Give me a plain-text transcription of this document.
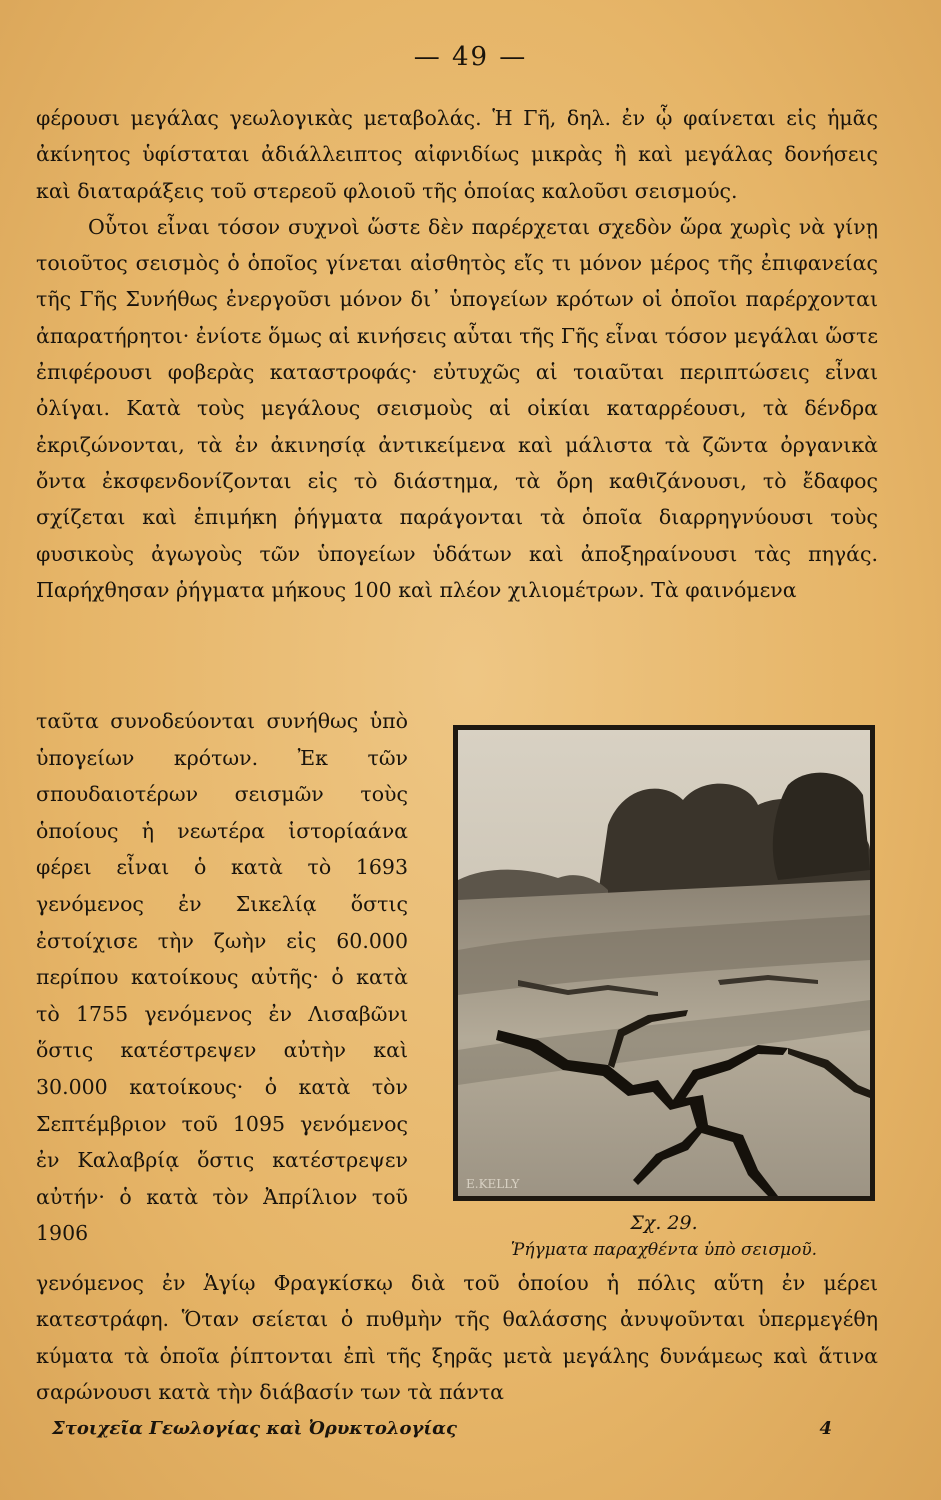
— 49 —

φέρουσι μεγάλας γεωλογικὰς μεταβολάς. Ἡ Γῆ, δηλ. ἐν ᾧ φαίνεται εἰς ἡμᾶς ἀκίνητος ὑφίσταται ἀδιάλλειπτος αἰφνιδίως μικρὰς ἢ καὶ μεγάλας δονήσεις καὶ διαταράξεις τοῦ στερεοῦ φλοιοῦ τῆς ὁποίας καλοῦσι σεισμούς.

Οὗτοι εἶναι τόσον συχνοὶ ὥστε δὲν παρέρχεται σχεδὸν ὥρα χωρὶς νὰ γίνῃ τοιοῦτος σεισμὸς ὁ ὁποῖος γίνεται αἰσθητὸς εἴς τι μόνον μέρος τῆς ἐπιφανείας τῆς Γῆς Συνήθως ἐνεργοῦσι μόνον δι᾽ ὑπογείων κρότων οἱ ὁποῖοι παρέρχονται ἀπαρατήρητοι· ἐνίοτε ὅμως αἱ κινήσεις αὗται τῆς Γῆς εἶναι τόσον μεγάλαι ὥστε ἐπιφέρουσι φοβερὰς καταστροφάς· εὐτυχῶς αἱ τοιαῦται περιπτώσεις εἶναι ὀλίγαι. Κατὰ τοὺς μεγάλους σεισμοὺς αἱ οἰκίαι καταρρέουσι, τὰ δένδρα ἐκριζώνονται, τὰ ἐν ἀκινησίᾳ ἀντικείμενα καὶ μάλιστα τὰ ζῶντα ὀργανικὰ ὄντα ἐκσφενδονίζονται εἰς τὸ διάστημα, τὰ ὄρη καθιζάνουσι, τὸ ἔδαφος σχίζεται καὶ ἐπιμήκη ῥήγματα παράγονται τὰ ὁποῖα διαρρηγνύουσι τοὺς φυσικοὺς ἀγωγοὺς τῶν ὑπογείων ὑδάτων καὶ ἀποξηραίνουσι τὰς πηγάς. Παρήχθησαν ῥήγματα μήκους 100 καὶ πλέον χιλιομέτρων. Τὰ φαινόμενα

ταῦτα συνοδεύονται συνήθως ὑπὸ ὑπογείων κρότων. Ἐκ τῶν σπουδαιοτέρων σεισμῶν τοὺς ὁποίους ἡ νεωτέρα ἱστορίαάνα φέρει εἶναι ὁ κατὰ τὸ 1693 γενόμενος ἐν Σικελίᾳ ὅστις ἐστοίχισε τὴν ζωὴν εἰς 60.000 περίπου κατοίκους αὐτῆς· ὁ κατὰ τὸ 1755 γενόμενος ἐν Λισαβῶνι ὅστις κατέστρεψεν αὐτὴν καὶ 30.000 κατοίκους· ὁ κατὰ τὸν Σεπτέμβριον τοῦ 1095 γενόμενος ἐν Καλαβρίᾳ ὅστις κατέστρεψεν αὐτήν· ὁ κατὰ τὸν Ἀπρίλιον τοῦ 1906

E.KELLY
Σχ. 29.
Ῥήγματα παραχθέντα ὑπὸ σεισμοῦ.

γενόμενος ἐν Ἁγίῳ Φραγκίσκῳ διὰ τοῦ ὁποίου ἡ πόλις αὕτη ἐν μέρει κατεστράφη. Ὅταν σείεται ὁ πυθμὴν τῆς θαλάσσης ἀνυψοῦνται ὑπερμεγέθη κύματα τὰ ὁποῖα ῥίπτονται ἐπὶ τῆς ξηρᾶς μετὰ μεγάλης δυνάμεως καὶ ἅτινα σαρώνουσι κατὰ τὴν διάβασίν των τὰ πάντα

Στοιχεῖα Γεωλογίας καὶ Ὀρυκτολογίας	4
